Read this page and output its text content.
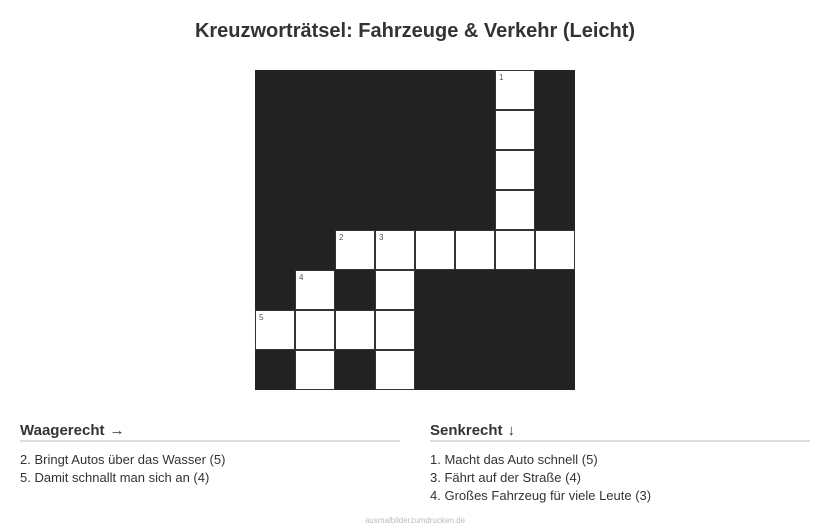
Kreuzworträtsel: Fahrzeuge & Verkehr (Leicht)
1
2	3
4
5
Waagerecht →
2. Bringt Autos über das Wasser (5)
5. Damit schnallt man sich an (4)
Senkrecht ↓
1. Macht das Auto schnell (5)
3. Fährt auf der Straße (4)
4. Großes Fahrzeug für viele Leute (3)
ausmalbilderzumdrucken.de
